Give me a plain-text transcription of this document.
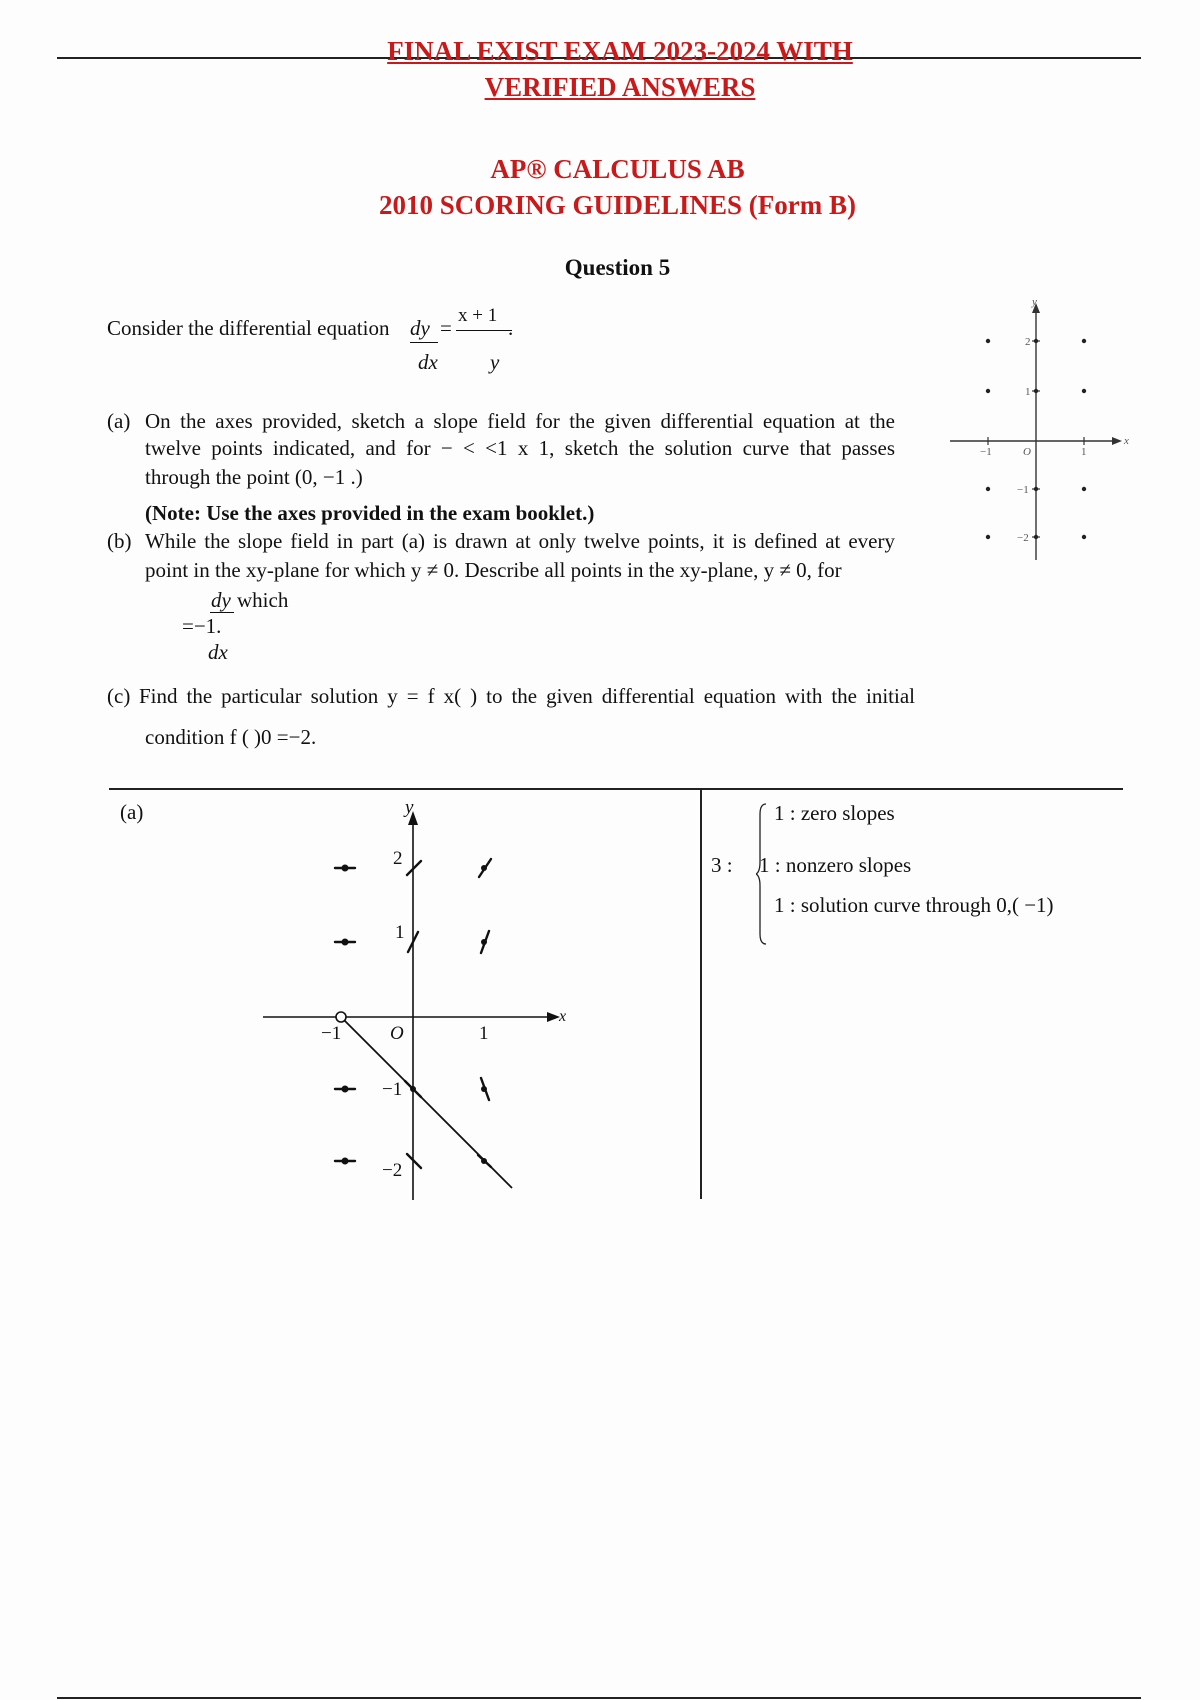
FINAL EXIST EXAM 2023-2024 WITH
VERIFIED ANSWERS
AP® CALCULUS AB
2010 SCORING GUIDELINES (Form B)
Question 5
Consider the differential equation dy
dx
=
x + 1
y
.
(a) On the axes provided, sketch a slope field for the given differential equation at the
twelve points indicated, and for − < <1 x 1, sketch the solution curve that passes
through the point (0, −1 .)
(Note: Use the axes provided in the exam booklet.)
(b) While the slope field in part (a) is drawn at only twelve points, it is defined at every
point in the xy-plane for which y ≠ 0. Describe all points in the xy-plane, y ≠ 0, for
dy which
=−1.
dx
(c) Find the particular solution y = f x( ) to the given differential equation with the initial
condition f ( )0 =−2.
y
x
O
−1	1
2
1
−1
−2
(a)	y
x
O
−1	1
2
1
−1
−2
3 :
1 : zero slopes
1 : nonzero slopes
1 : solution curve through 0,( −1)
